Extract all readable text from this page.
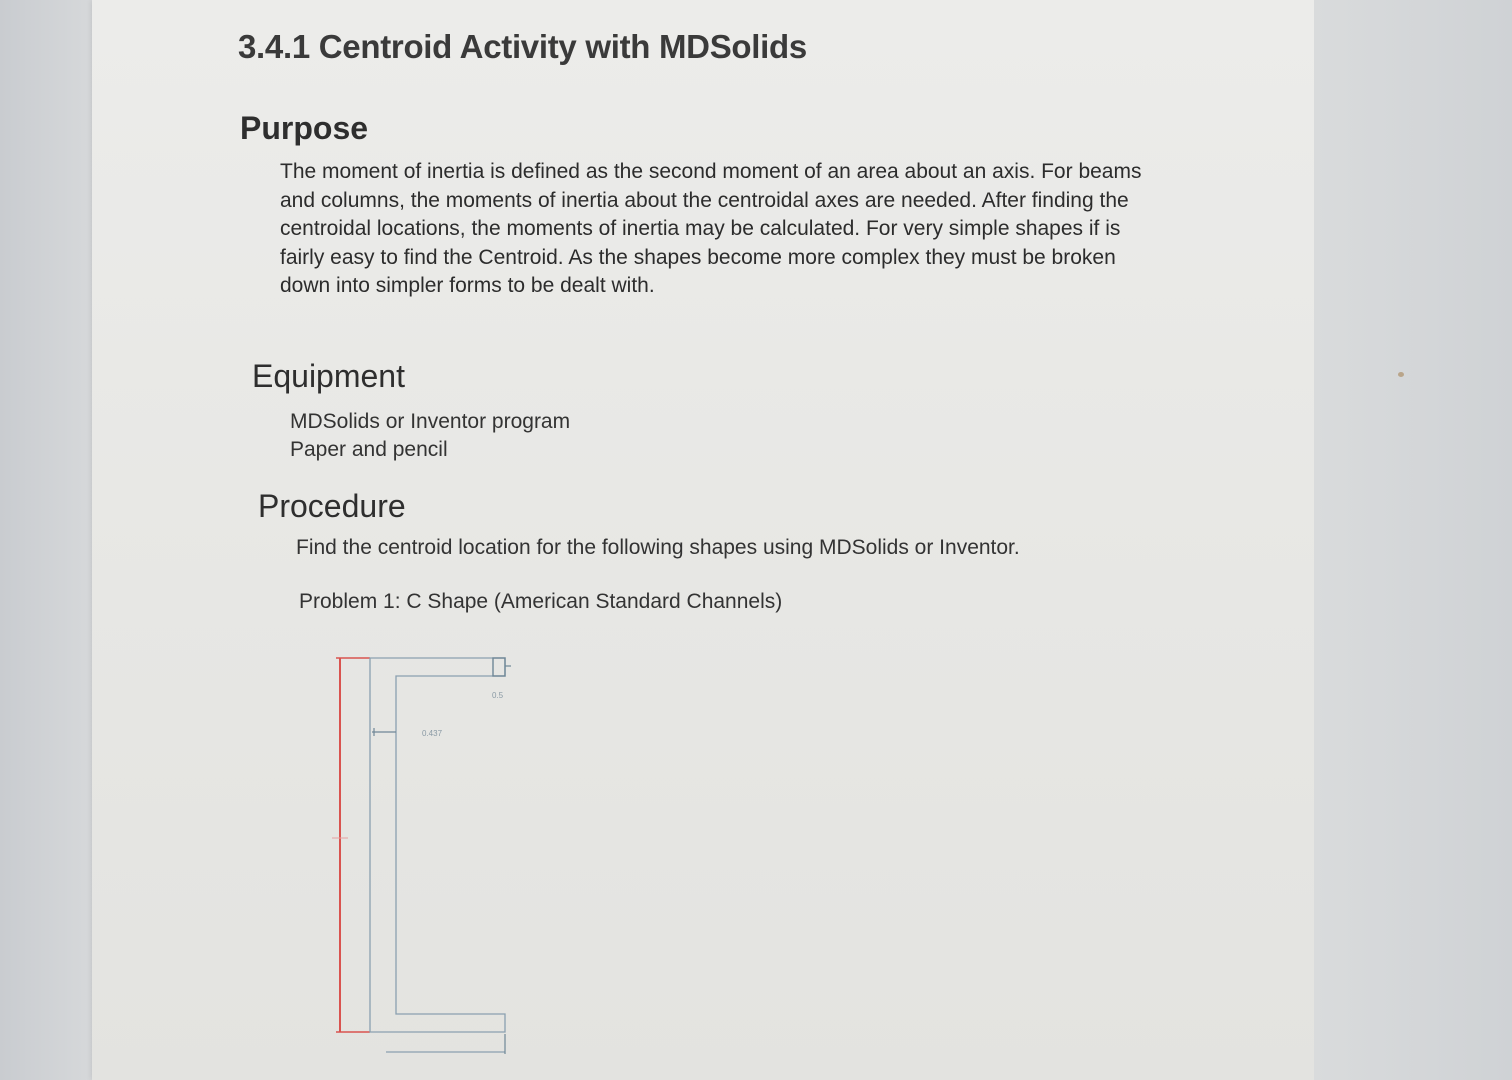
3.4.1 Centroid Activity with MDSolids
Purpose

The moment of inertia is defined as the second moment of an area about an axis. For beams and columns, the moments of inertia about the centroidal axes are needed. After finding the centroidal locations, the moments of inertia may be calculated. For very simple shapes if is fairly easy to find the Centroid. As the shapes become more complex they must be broken down into simpler forms to be dealt with.

Equipment
MDSolids or Inventor program
Paper and pencil
Procedure

Find the centroid location for the following shapes using MDSolids or Inventor.

Problem 1: C Shape (American Standard Channels)

0.5
0.437
